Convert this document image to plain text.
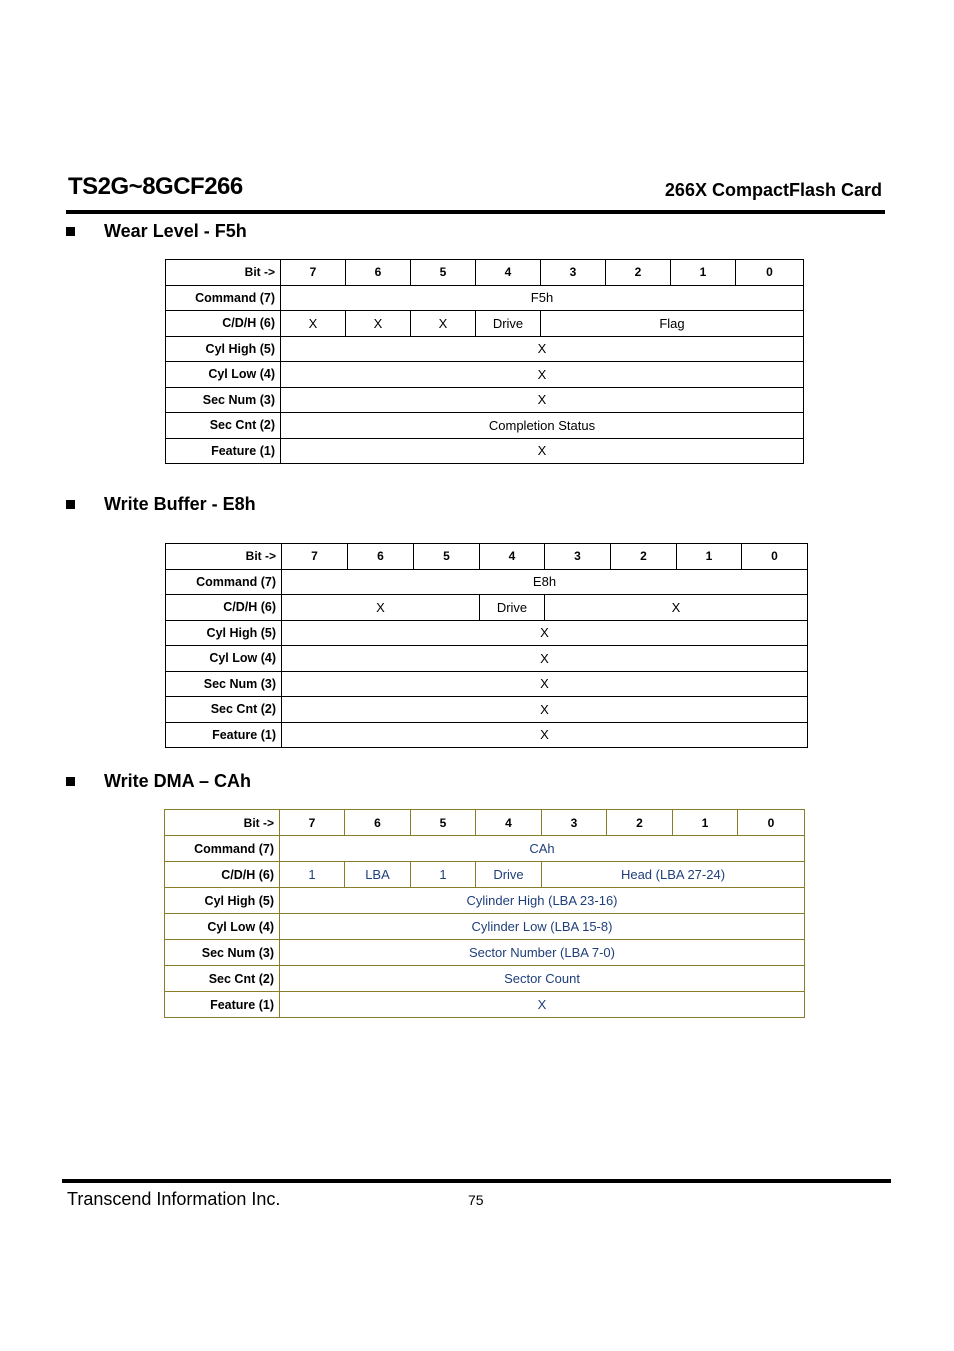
TS2G~8GCF266	266X CompactFlash Card
Wear Level - F5h
Bit ->	7	6	5	4	3	2	1	0
Command (7)	F5h							
C/D/H (6)	X	X	X	Drive	Flag			
Cyl High (5)	X							
Cyl Low (4)	X							
Sec Num (3)	X							
Sec Cnt (2)	Completion Status							
Feature (1)	X							
Write Buffer - E8h
Bit ->	7	6	5	4	3	2	1	0
Command (7)	E8h							
C/D/H (6)	X			Drive	X			
Cyl High (5)	X							
Cyl Low (4)	X							
Sec Num (3)	X							
Sec Cnt (2)	X							
Feature (1)	X							
Write DMA – CAh
Bit ->	7	6	5	4	3	2	1	0
Command (7)	CAh							
C/D/H (6)	1	LBA	1	Drive	Head (LBA 27-24)			
Cyl High (5)	Cylinder High (LBA 23-16)							
Cyl Low (4)	Cylinder Low (LBA 15-8)							
Sec Num (3)	Sector Number (LBA 7-0)							
Sec Cnt (2)	Sector Count							
Feature (1)	X							
Transcend Information Inc.	75
